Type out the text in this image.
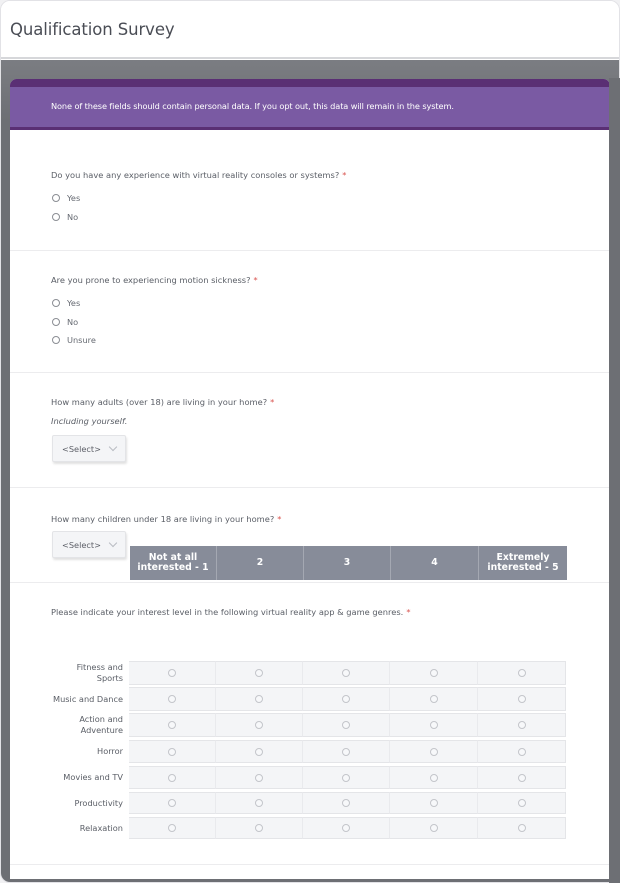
Qualification Survey
None of these fields should contain personal data. If you opt out, this data will remain in the system.
Do you have any experience with virtual reality consoles or systems? *
Yes
No
Are you prone to experiencing motion sickness? *
Yes
No
Unsure
How many adults (over 18) are living in your home? *
Including yourself.
<Select>
How many children under 18 are living in your home? *
<Select>
Please indicate your interest level in the following virtual reality app & game genres. *
Not at all interested - 1	2	3	4	Extremely interested - 5
Fitness and Sports
Music and Dance
Action and Adventure
Horror
Movies and TV
Productivity
Relaxation
